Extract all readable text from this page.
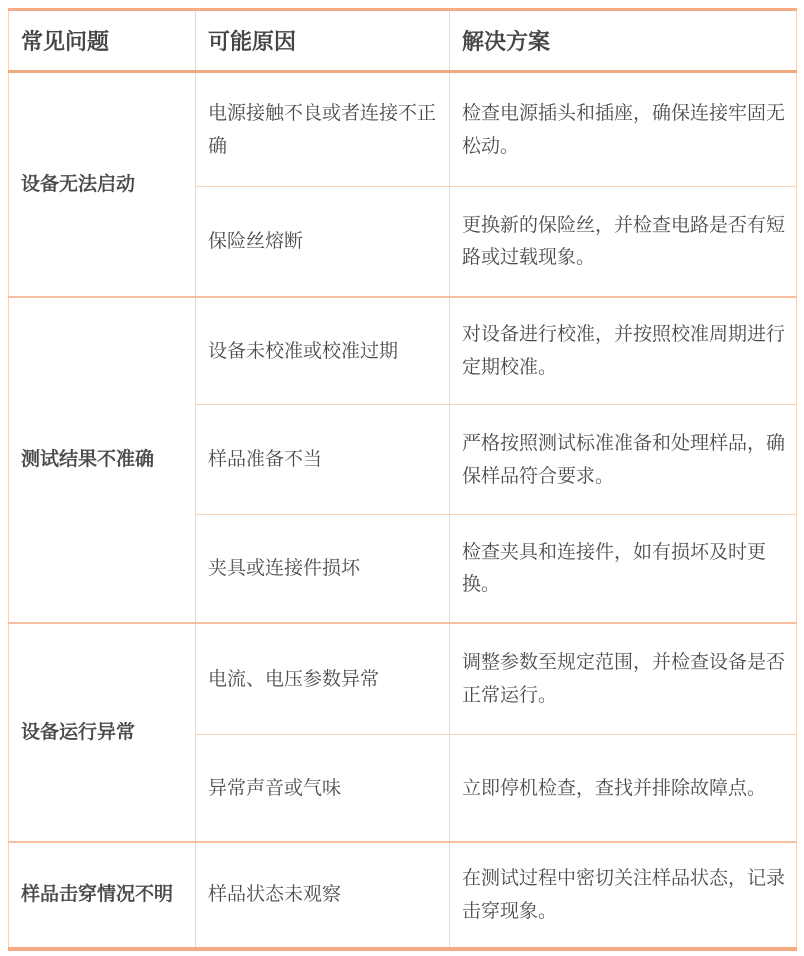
常见问题	可能原因	解决方案
设备无法启动	电源接触不良或者连接不正确	检查电源插头和插座，确保连接牢固无松动。
	保险丝熔断	更换新的保险丝，并检查电路是否有短路或过载现象。
测试结果不准确	设备未校准或校准过期	对设备进行校准，并按照校准周期进行定期校准。
	样品准备不当	严格按照测试标准准备和处理样品，确保样品符合要求。
	夹具或连接件损坏	检查夹具和连接件，如有损坏及时更换。
设备运行异常	电流、电压参数异常	调整参数至规定范围，并检查设备是否正常运行。
	异常声音或气味	立即停机检查，查找并排除故障点。
样品击穿情况不明	样品状态未观察	在测试过程中密切关注样品状态，记录击穿现象。
